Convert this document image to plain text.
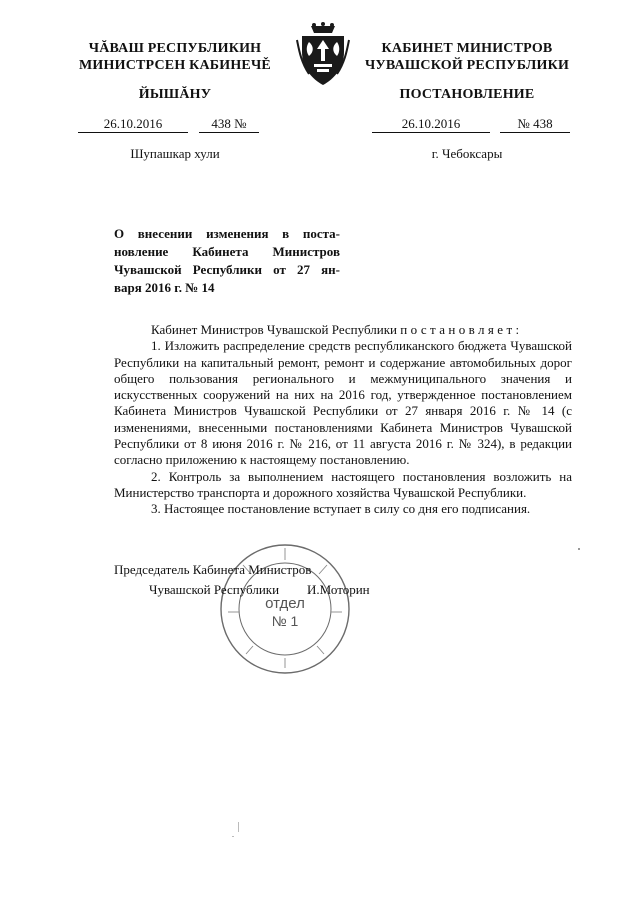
ЧĂВАШ РЕСПУБЛИКИН
МИНИСТРСЕН КАБИНЕЧĚ
ЙЫШĂНУ
26.10.2016	438 №
Шупашкар хули
КАБИНЕТ МИНИСТРОВ
ЧУВАШСКОЙ РЕСПУБЛИКИ
ПОСТАНОВЛЕНИЕ
26.10.2016	№ 438
г. Чебоксары
О внесении изменения в поста-
новление Кабинета Министров
Чувашской Республики от 27 ян-
варя 2016 г. № 14

Кабинет Министров Чувашской Республики постановляет:

1. Изложить распределение средств республиканского бюджета Чувашской Республики на капитальный ремонт, ремонт и содержание автомобильных дорог общего пользования регионального и межмуниципального значения и искусственных сооружений на них на 2016 год, утвержденное постановлением Кабинета Министров Чувашской Республики от 27 января 2016 г. № 14 (с изменениями, внесенными постановлениями Кабинета Министров Чувашской Республики от 8 июня 2016 г. № 216, от 11 августа 2016 г. № 324), в редакции согласно приложению к настоящему постановлению.

2. Контроль за выполнением настоящего постановления возложить на Министерство транспорта и дорожного хозяйства Чувашской Республики.

3. Настоящее постановление вступает в силу со дня его подписания.

отдел
№ 1
Председатель Кабинета Министров
Чувашской Республики	И.Моторин
